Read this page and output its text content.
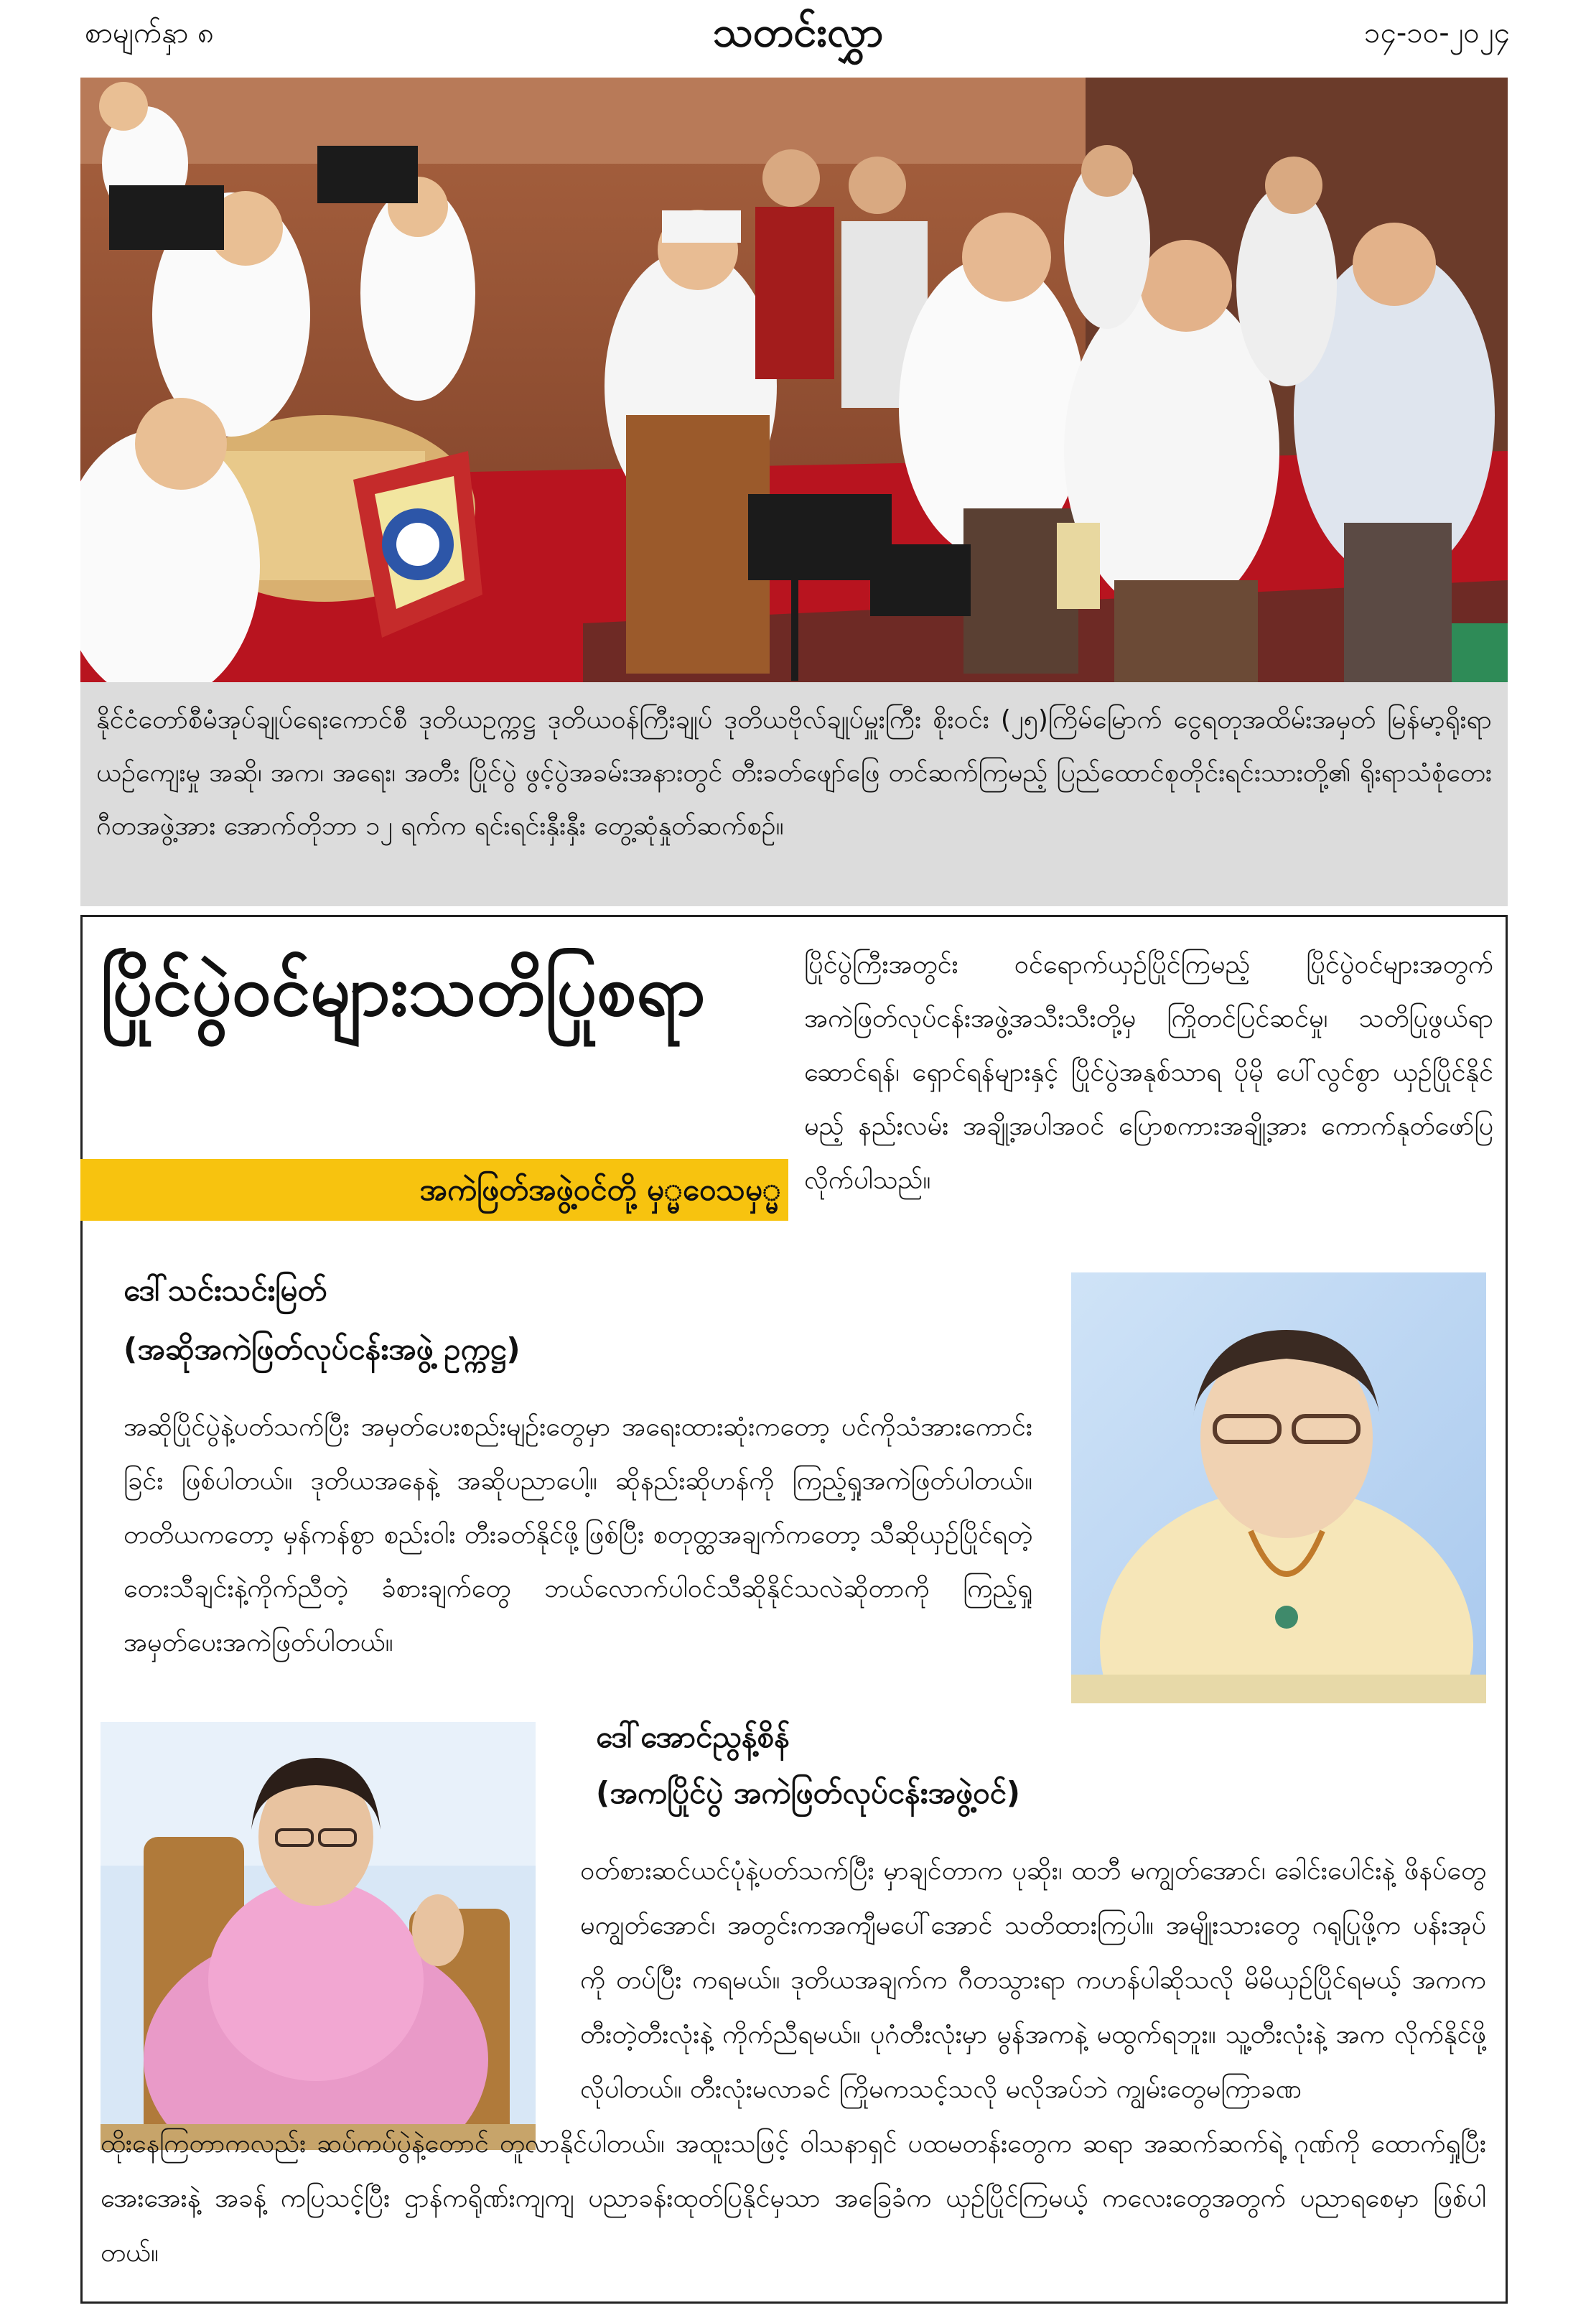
စာမျက်နှာ ၈	သတင်းလွှာ	၁၄-၁၀-၂၀၂၄
နိုင်ငံတော်စီမံအုပ်ချုပ်ရေးကောင်စီ ဒုတိယဥက္ကဋ္ဌ ဒုတိယဝန်ကြီးချုပ် ဒုတိယဗိုလ်ချုပ်မှူးကြီး စိုးဝင်း (၂၅)ကြိမ်မြောက် ငွေရတုအထိမ်းအမှတ် မြန်မာ့ရိုးရာယဉ်ကျေးမှု အဆို၊ အက၊ အရေး၊ အတီး ပြိုင်ပွဲ ဖွင့်ပွဲအခမ်းအနားတွင် တီးခတ်ဖျော်ဖြေ တင်ဆက်ကြမည့် ပြည်ထောင်စုတိုင်းရင်းသားတို့၏ ရိုးရာသံစုံတေးဂီတအဖွဲ့အား အောက်တိုဘာ ၁၂ ရက်က ရင်းရင်းနှီးနှီး တွေ့ဆုံနှုတ်ဆက်စဉ်။
ပြိုင်ပွဲဝင်များသတိပြုစရာ
အကဲဖြတ်အဖွဲ့ဝင်တို့ မှ္မဝေသမှ္မ
ပြိုင်ပွဲကြီးအတွင်း ဝင်ရောက်ယှဉ်ပြိုင်ကြမည့် ပြိုင်ပွဲဝင်များအတွက် အကဲဖြတ်လုပ်ငန်းအဖွဲ့အသီးသီးတို့မှ ကြိုတင်ပြင်ဆင်မှု၊ သတိပြုဖွယ်ရာ ဆောင်ရန်၊ ရှောင်ရန်များနှင့် ပြိုင်ပွဲအနုစ်သာရ ပိုမို ပေါ်လွင်စွာ ယှဉ်ပြိုင်နိုင် မည့် နည်းလမ်း အချို့အပါအဝင် ပြောစကားအချို့အား ကောက်နုတ်ဖော်ပြလိုက်ပါသည်။
ဒေါ်သင်းသင်းမြတ်
(အဆိုအကဲဖြတ်လုပ်ငန်းအဖွဲ့ ဥက္ကဋ္ဌ)
အဆိုပြိုင်ပွဲနဲ့ပတ်သက်ပြီး အမှတ်ပေးစည်းမျဉ်းတွေမှာ အရေးထားဆုံးကတော့ ပင်ကိုသံအားကောင်းခြင်း ဖြစ်ပါတယ်။ ဒုတိယအနေနဲ့ အဆိုပညာပေါ့။ ဆိုနည်းဆိုဟန်ကို ကြည့်ရှုအကဲဖြတ်ပါတယ်။ တတိယကတော့ မှန်ကန်စွာ စည်းဝါး တီးခတ်နိုင်ဖို့ဖြစ်ပြီး စတုတ္ထအချက်ကတော့ သီဆိုယှဉ်ပြိုင်ရတဲ့ တေးသီချင်းနဲ့ကိုက်ညီတဲ့ ခံစားချက်တွေ ဘယ်လောက်ပါဝင်သီဆိုနိုင်သလဲဆိုတာကို ကြည့်ရှုအမှတ်ပေးအကဲဖြတ်ပါတယ်။
ဒေါ်အောင်ညွန့်စိန်
(အကပြိုင်ပွဲ အကဲဖြတ်လုပ်ငန်းအဖွဲ့ဝင်)
ဝတ်စားဆင်ယင်ပုံနဲ့ပတ်သက်ပြီး မှာချင်တာက ပုဆိုး၊ ထဘီ မကျွတ်အောင်၊ ခေါင်းပေါင်းနဲ့ ဖိနပ်တွေ မကျွတ်အောင်၊ အတွင်းကအကျီမပေါ်အောင် သတိထားကြပါ။ အမျိုးသားတွေ ဂရုပြုဖို့က ပန်းအုပ်ကို တပ်ပြီး ကရမယ်။ ဒုတိယအချက်က ဂီတသွားရာ ကဟန်ပါဆိုသလို မိမိယှဉ်ပြိုင်ရမယ့် အကက တီးတဲ့တီးလုံးနဲ့ ကိုက်ညီရမယ်။ ပုဂံတီးလုံးမှာ မွန်အကနဲ့ မထွက်ရဘူး။ သူ့တီးလုံးနဲ့ အက လိုက်နိုင်ဖို့လိုပါတယ်။ တီးလုံးမလာခင် ကြိုမကသင့်သလို မလိုအပ်ဘဲ ကျွမ်းတွေမကြာခဏ
ထိုးနေကြတာကလည်း ဆပ်ကပ်ပွဲနဲ့တောင် တူလာနိုင်ပါတယ်။ အထူးသဖြင့် ဝါသနာရှင် ပထမတန်းတွေက ဆရာ အဆက်ဆက်ရဲ့ ဂုဏ်ကို ထောက်ရှုပြီး အေးအေးနဲ့ အခန့် ကပြသင့်ပြီး ဌာန်ကရိုဏ်းကျကျ ပညာခန်းထုတ်ပြနိုင်မှသာ အခြေခံက ယှဉ်ပြိုင်ကြမယ့် ကလေးတွေအတွက် ပညာရစေမှာ ဖြစ်ပါတယ်။
